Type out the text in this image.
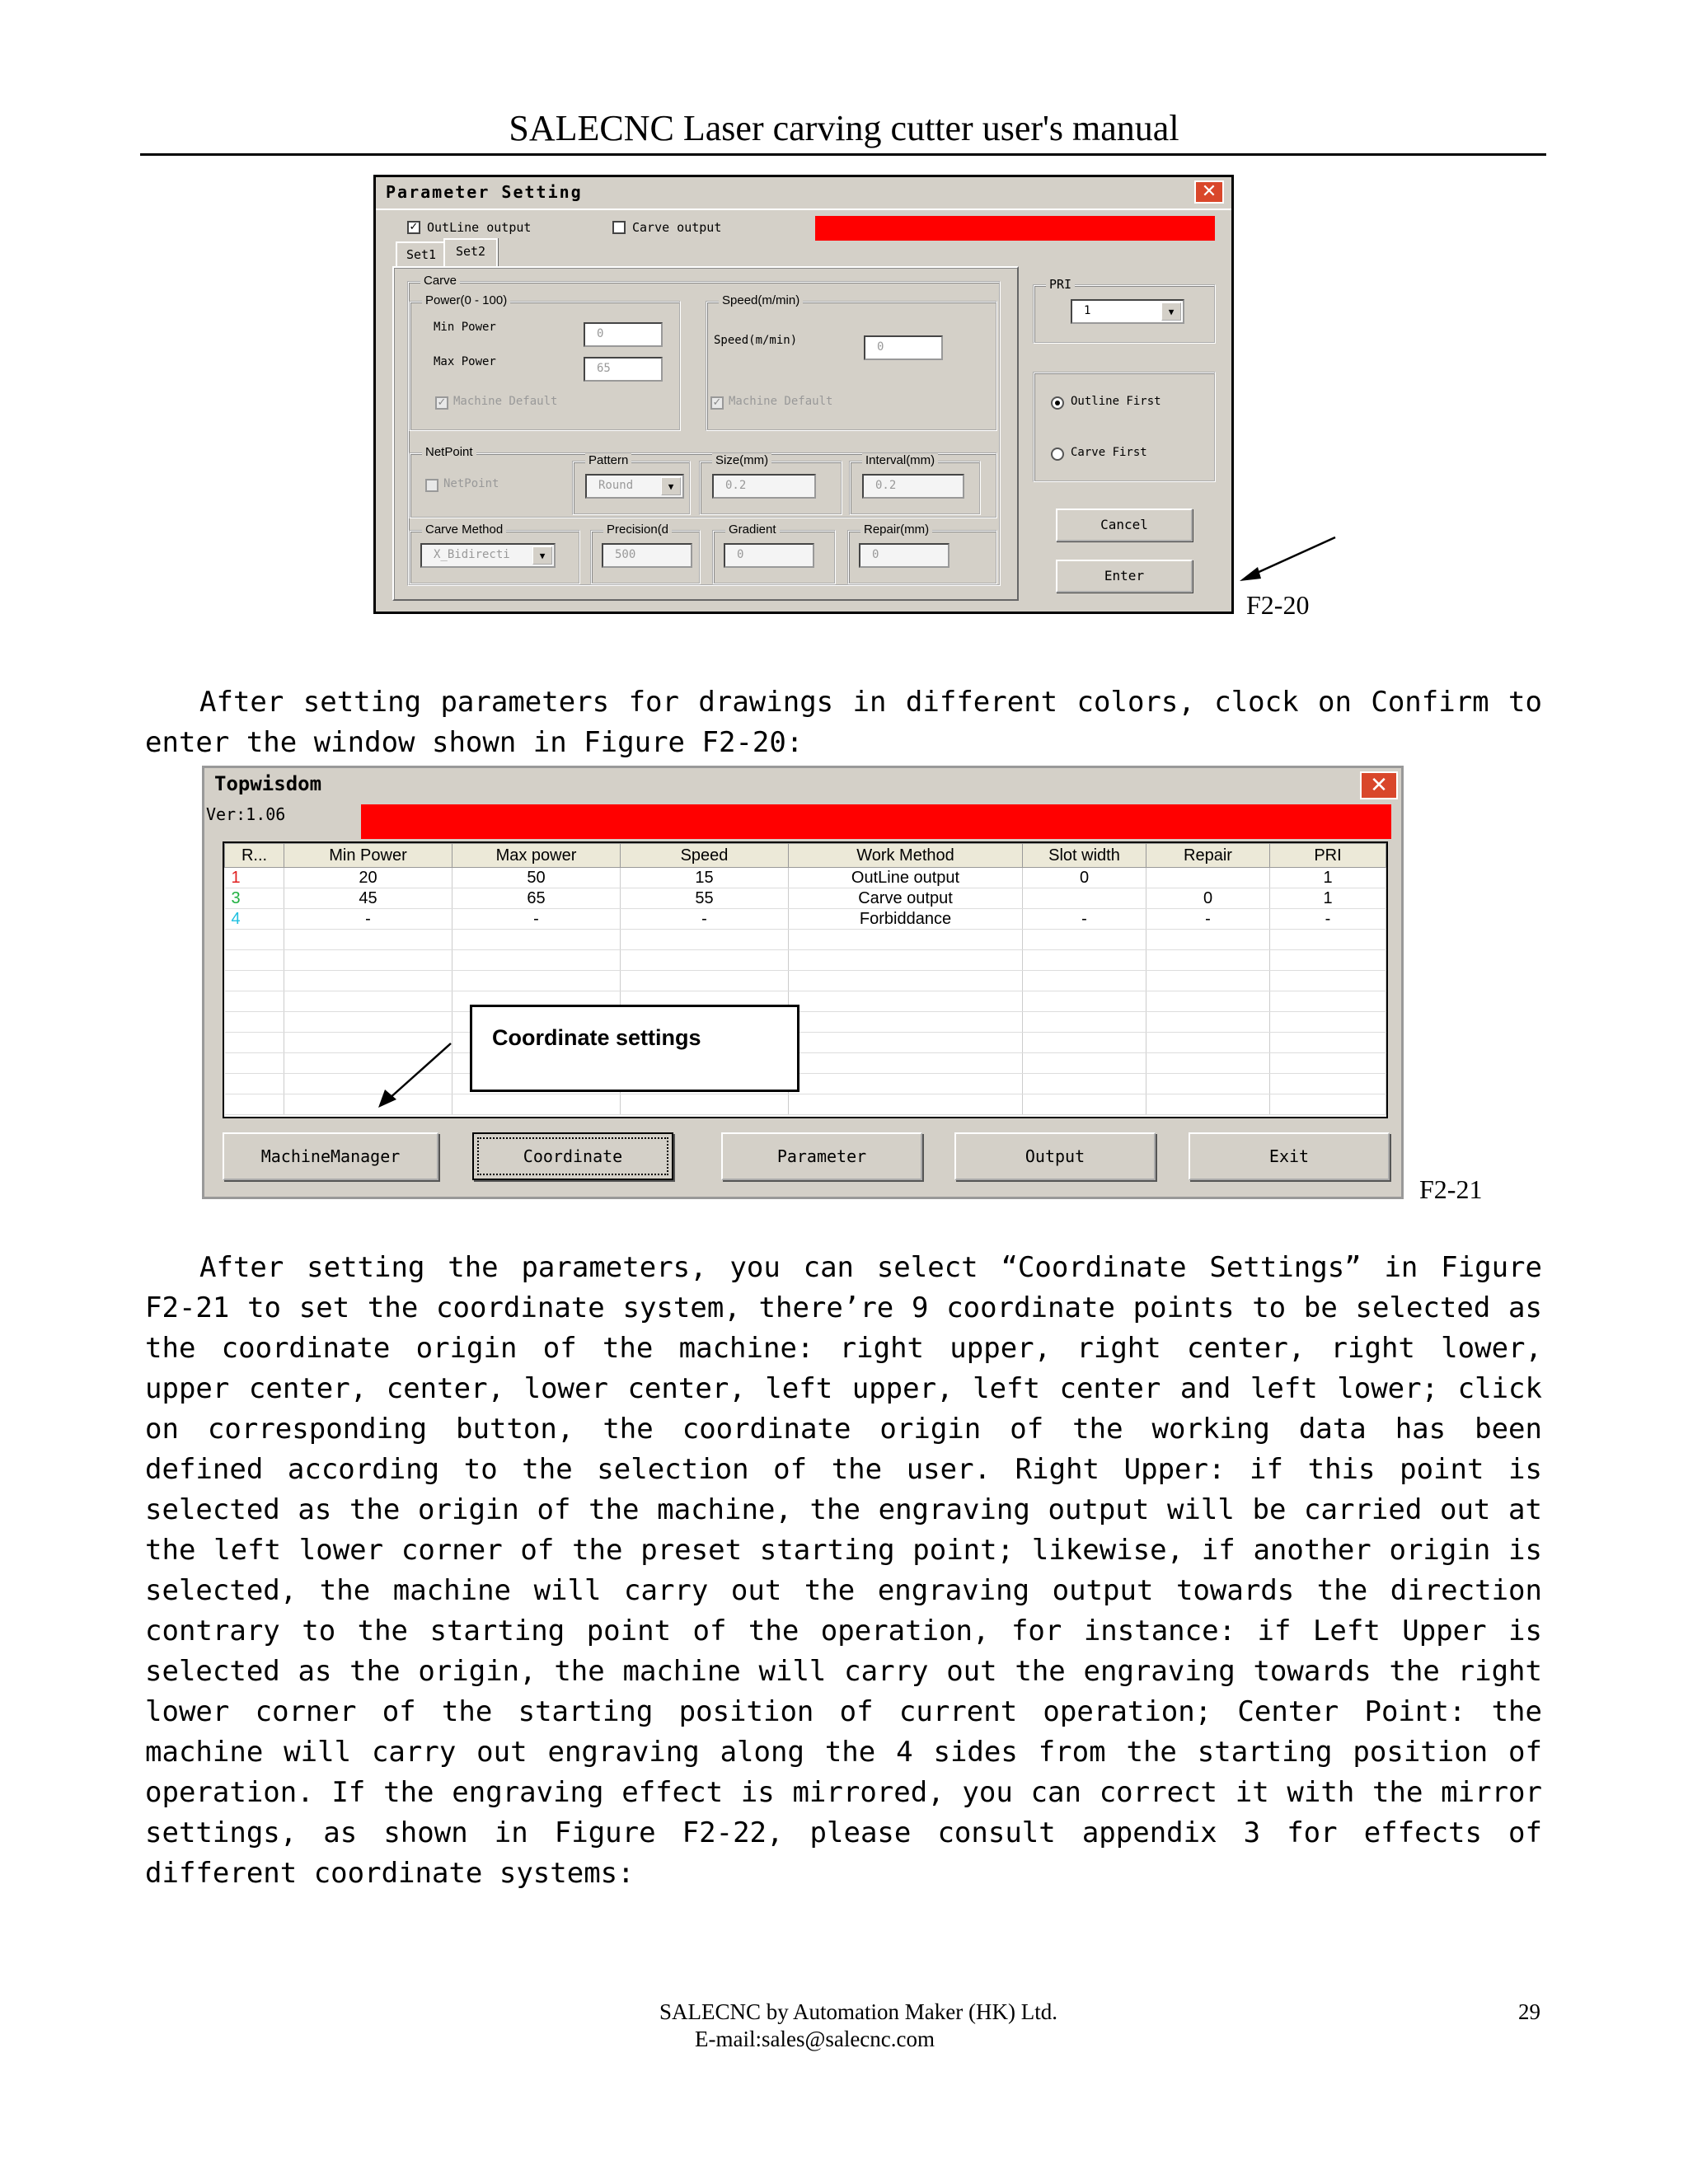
SALECNC Laser carving cutter user's manual
Parameter Setting	✕
✓ OutLine output	Carve output
Set1	Set2
Carve
Power(0 - 100)
Min Power	0
Max Power	65
✓ Machine Default
Speed(m/min)
Speed(m/min)	0
✓ Machine Default
NetPoint
NetPoint
Pattern
Round	▼
Size(mm)
0.2
Interval(mm)
0.2
Carve Method
X_Bidirecti	▼
Precision(d
500
Gradient
0
Repair(mm)
0
PRI
1	▼
Outline First
Carve First
Cancel
Enter
F2-20
After setting parameters for drawings in different colors, clock on Confirm to enter the window shown in Figure F2-20:
Topwisdom	✕
Ver:1.06
R...	Min Power	Max power	Speed	Work Method	Slot width	Repair	PRI
1	20	50	15	OutLine output	0		1
3	45	65	55	Carve output		0	1
4	-	-	-	Forbiddance	-	-	-

MachineManager	Coordinate	Parameter	Output	Exit
Coordinate settings
F2-21
After setting the parameters, you can select “Coordinate Settings” in Figure F2-21 to set the coordinate system, there’re 9 coordinate points to be selected as the coordinate origin of the machine: right upper, right center, right lower, upper center, center, lower center, left upper, left center and left lower; click on corresponding button, the coordinate origin of the working data has been defined according to the selection of the user. Right Upper: if this point is selected as the origin of the machine, the engraving output will be carried out at the left lower corner of the preset starting point; likewise, if another origin is selected, the machine will carry out the engraving output towards the direction contrary to the starting point of the operation, for instance: if Left Upper is selected as the origin, the machine will carry out the engraving towards the right lower corner of the starting position of current operation; Center Point: the machine will carry out engraving along the 4 sides from the starting position of operation. If the engraving effect is mirrored, you can correct it with the mirror settings, as shown in Figure F2-22, please consult appendix 3 for effects of different coordinate systems:
SALECNC by Automation Maker (HK) Ltd.
E-mail:sales@salecnc.com
29
